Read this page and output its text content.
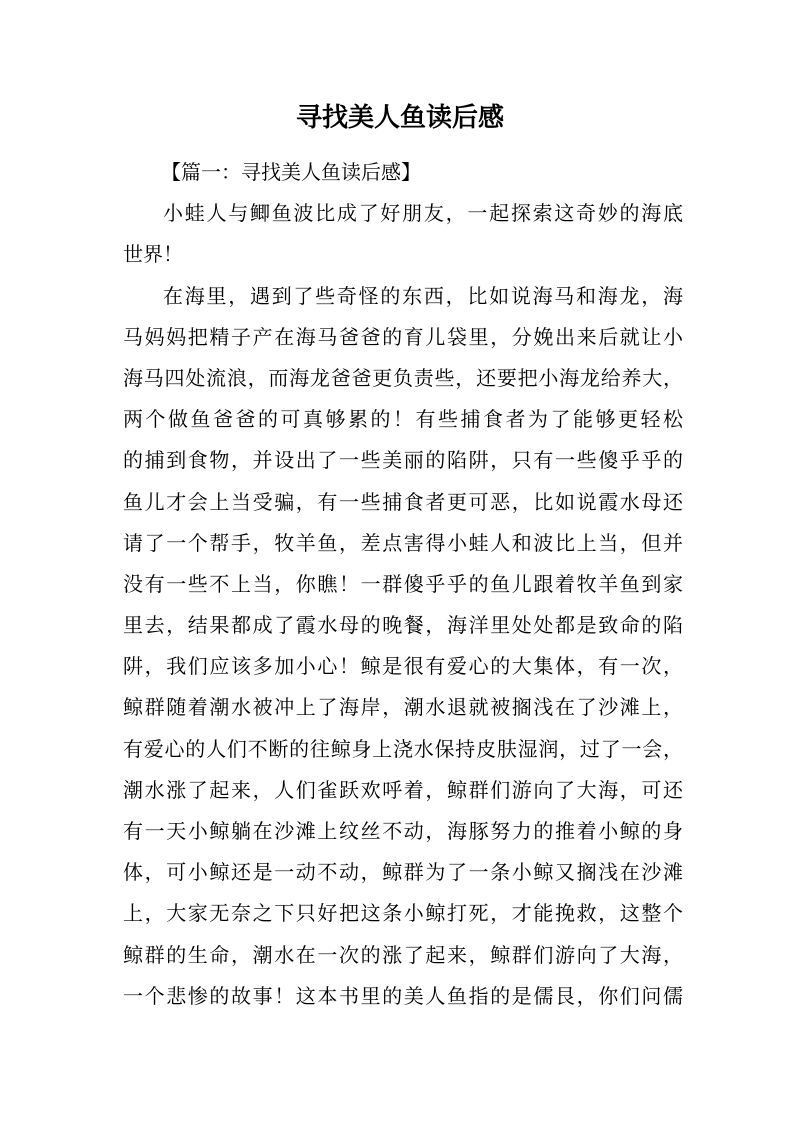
寻找美人鱼读后感
【篇一：寻找美人鱼读后感】
小蛙人与鲫鱼波比成了好朋友，一起探索这奇妙的海底
世界！
在海里，遇到了些奇怪的东西，比如说海马和海龙，海
马妈妈把精子产在海马爸爸的育儿袋里，分娩出来后就让小
海马四处流浪，而海龙爸爸更负责些，还要把小海龙给养大，
两个做鱼爸爸的可真够累的！有些捕食者为了能够更轻松
的捕到食物，并设出了一些美丽的陷阱，只有一些傻乎乎的
鱼儿才会上当受骗，有一些捕食者更可恶，比如说霞水母还
请了一个帮手，牧羊鱼，差点害得小蛙人和波比上当，但并
没有一些不上当，你瞧！一群傻乎乎的鱼儿跟着牧羊鱼到家
里去，结果都成了霞水母的晚餐，海洋里处处都是致命的陷
阱，我们应该多加小心！鲸是很有爱心的大集体，有一次，
鲸群随着潮水被冲上了海岸，潮水退就被搁浅在了沙滩上，
有爱心的人们不断的往鲸身上浇水保持皮肤湿润，过了一会，
潮水涨了起来，人们雀跃欢呼着，鲸群们游向了大海，可还
有一天小鲸躺在沙滩上纹丝不动，海豚努力的推着小鲸的身
体，可小鲸还是一动不动，鲸群为了一条小鲸又搁浅在沙滩
上，大家无奈之下只好把这条小鲸打死，才能挽救，这整个
鲸群的生命，潮水在一次的涨了起来，鲸群们游向了大海，
一个悲惨的故事！这本书里的美人鱼指的是儒艮，你们问儒
